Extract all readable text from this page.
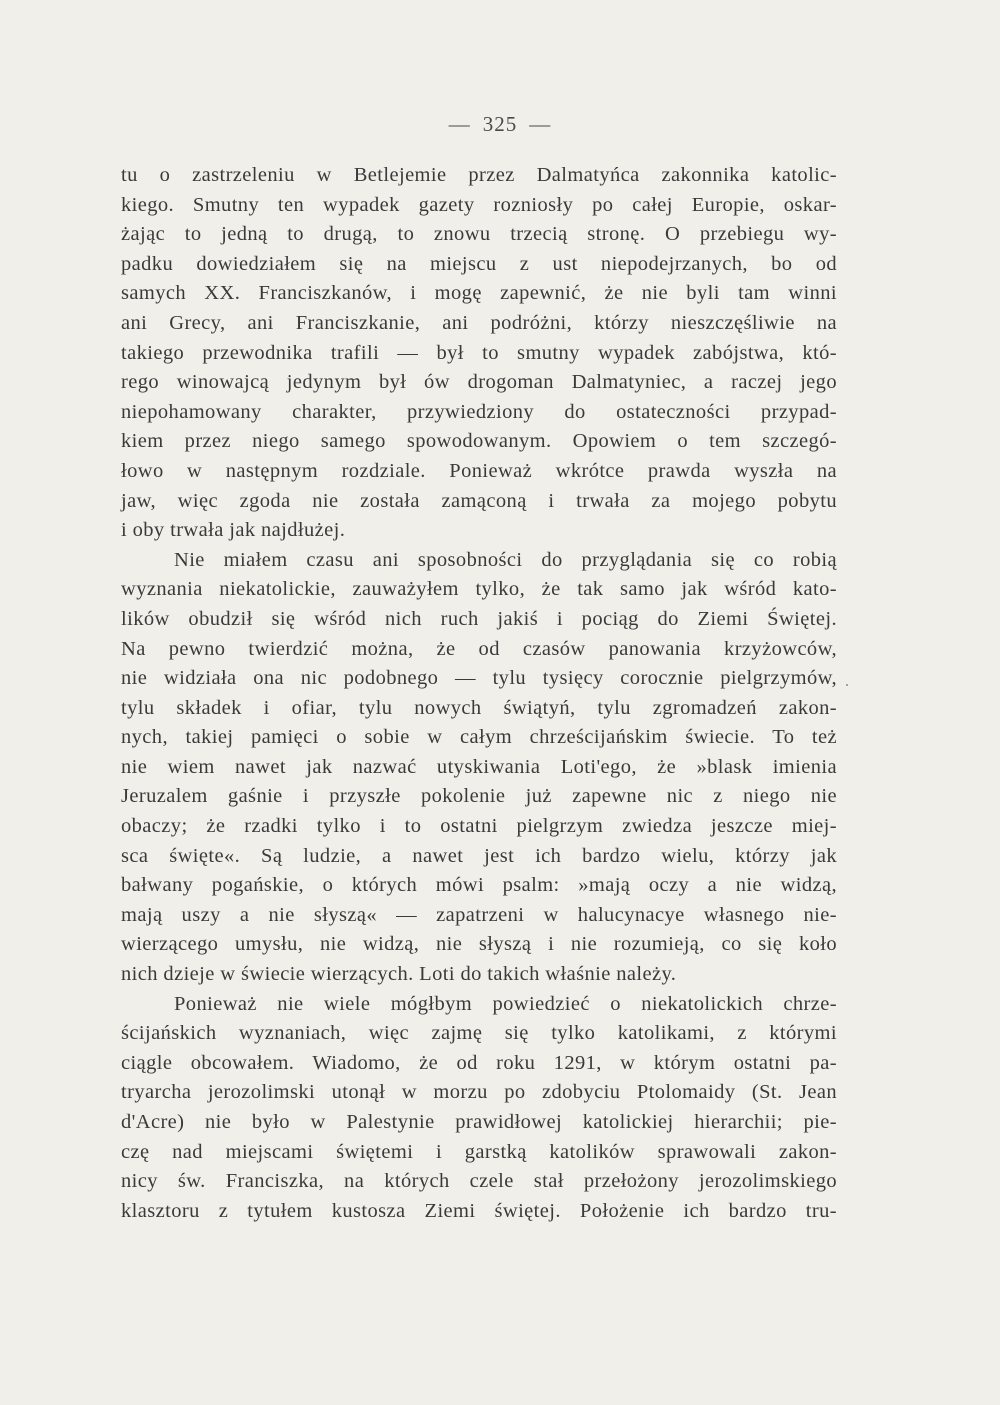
— 325 —
tu o zastrzeleniu w Betlejemie przez Dalmatyńca zakonnika katolic-
kiego. Smutny ten wypadek gazety rozniosły po całej Europie, oskar-
żając to jedną to drugą, to znowu trzecią stronę. O przebiegu wy-
padku dowiedziałem się na miejscu z ust niepodejrzanych, bo od
samych XX. Franciszkanów, i mogę zapewnić, że nie byli tam winni
ani Grecy, ani Franciszkanie, ani podróżni, którzy nieszczęśliwie na
takiego przewodnika trafili — był to smutny wypadek zabójstwa, któ-
rego winowajcą jedynym był ów drogoman Dalmatyniec, a raczej jego
niepohamowany charakter, przywiedziony do ostateczności przypad-
kiem przez niego samego spowodowanym. Opowiem o tem szczegó-
łowo w następnym rozdziale. Ponieważ wkrótce prawda wyszła na
jaw, więc zgoda nie została zamąconą i trwała za mojego pobytu
i oby trwała jak najdłużej.
Nie miałem czasu ani sposobności do przyglądania się co robią
wyznania niekatolickie, zauważyłem tylko, że tak samo jak wśród kato-
lików obudził się wśród nich ruch jakiś i pociąg do Ziemi Świętej.
Na pewno twierdzić można, że od czasów panowania krzyżowców,
nie widziała ona nic podobnego — tylu tysięcy corocznie pielgrzymów,
tylu składek i ofiar, tylu nowych świątyń, tylu zgromadzeń zakon-
nych, takiej pamięci o sobie w całym chrześcijańskim świecie. To też
nie wiem nawet jak nazwać utyskiwania Loti'ego, że »blask imienia
Jeruzalem gaśnie i przyszłe pokolenie już zapewne nic z niego nie
obaczy; że rzadki tylko i to ostatni pielgrzym zwiedza jeszcze miej-
sca święte«. Są ludzie, a nawet jest ich bardzo wielu, którzy jak
bałwany pogańskie, o których mówi psalm: »mają oczy a nie widzą,
mają uszy a nie słyszą« — zapatrzeni w halucynacye własnego nie-
wierzącego umysłu, nie widzą, nie słyszą i nie rozumieją, co się koło
nich dzieje w świecie wierzących. Loti do takich właśnie należy.
Ponieważ nie wiele mógłbym powiedzieć o niekatolickich chrze-
ścijańskich wyznaniach, więc zajmę się tylko katolikami, z którymi
ciągle obcowałem. Wiadomo, że od roku 1291, w którym ostatni pa-
tryarcha jerozolimski utonął w morzu po zdobyciu Ptolomaidy (St. Jean
d'Acre) nie było w Palestynie prawidłowej katolickiej hierarchii; pie-
czę nad miejscami świętemi i garstką katolików sprawowali zakon-
nicy św. Franciszka, na których czele stał przełożony jerozolimskiego
klasztoru z tytułem kustosza Ziemi świętej. Położenie ich bardzo tru-
